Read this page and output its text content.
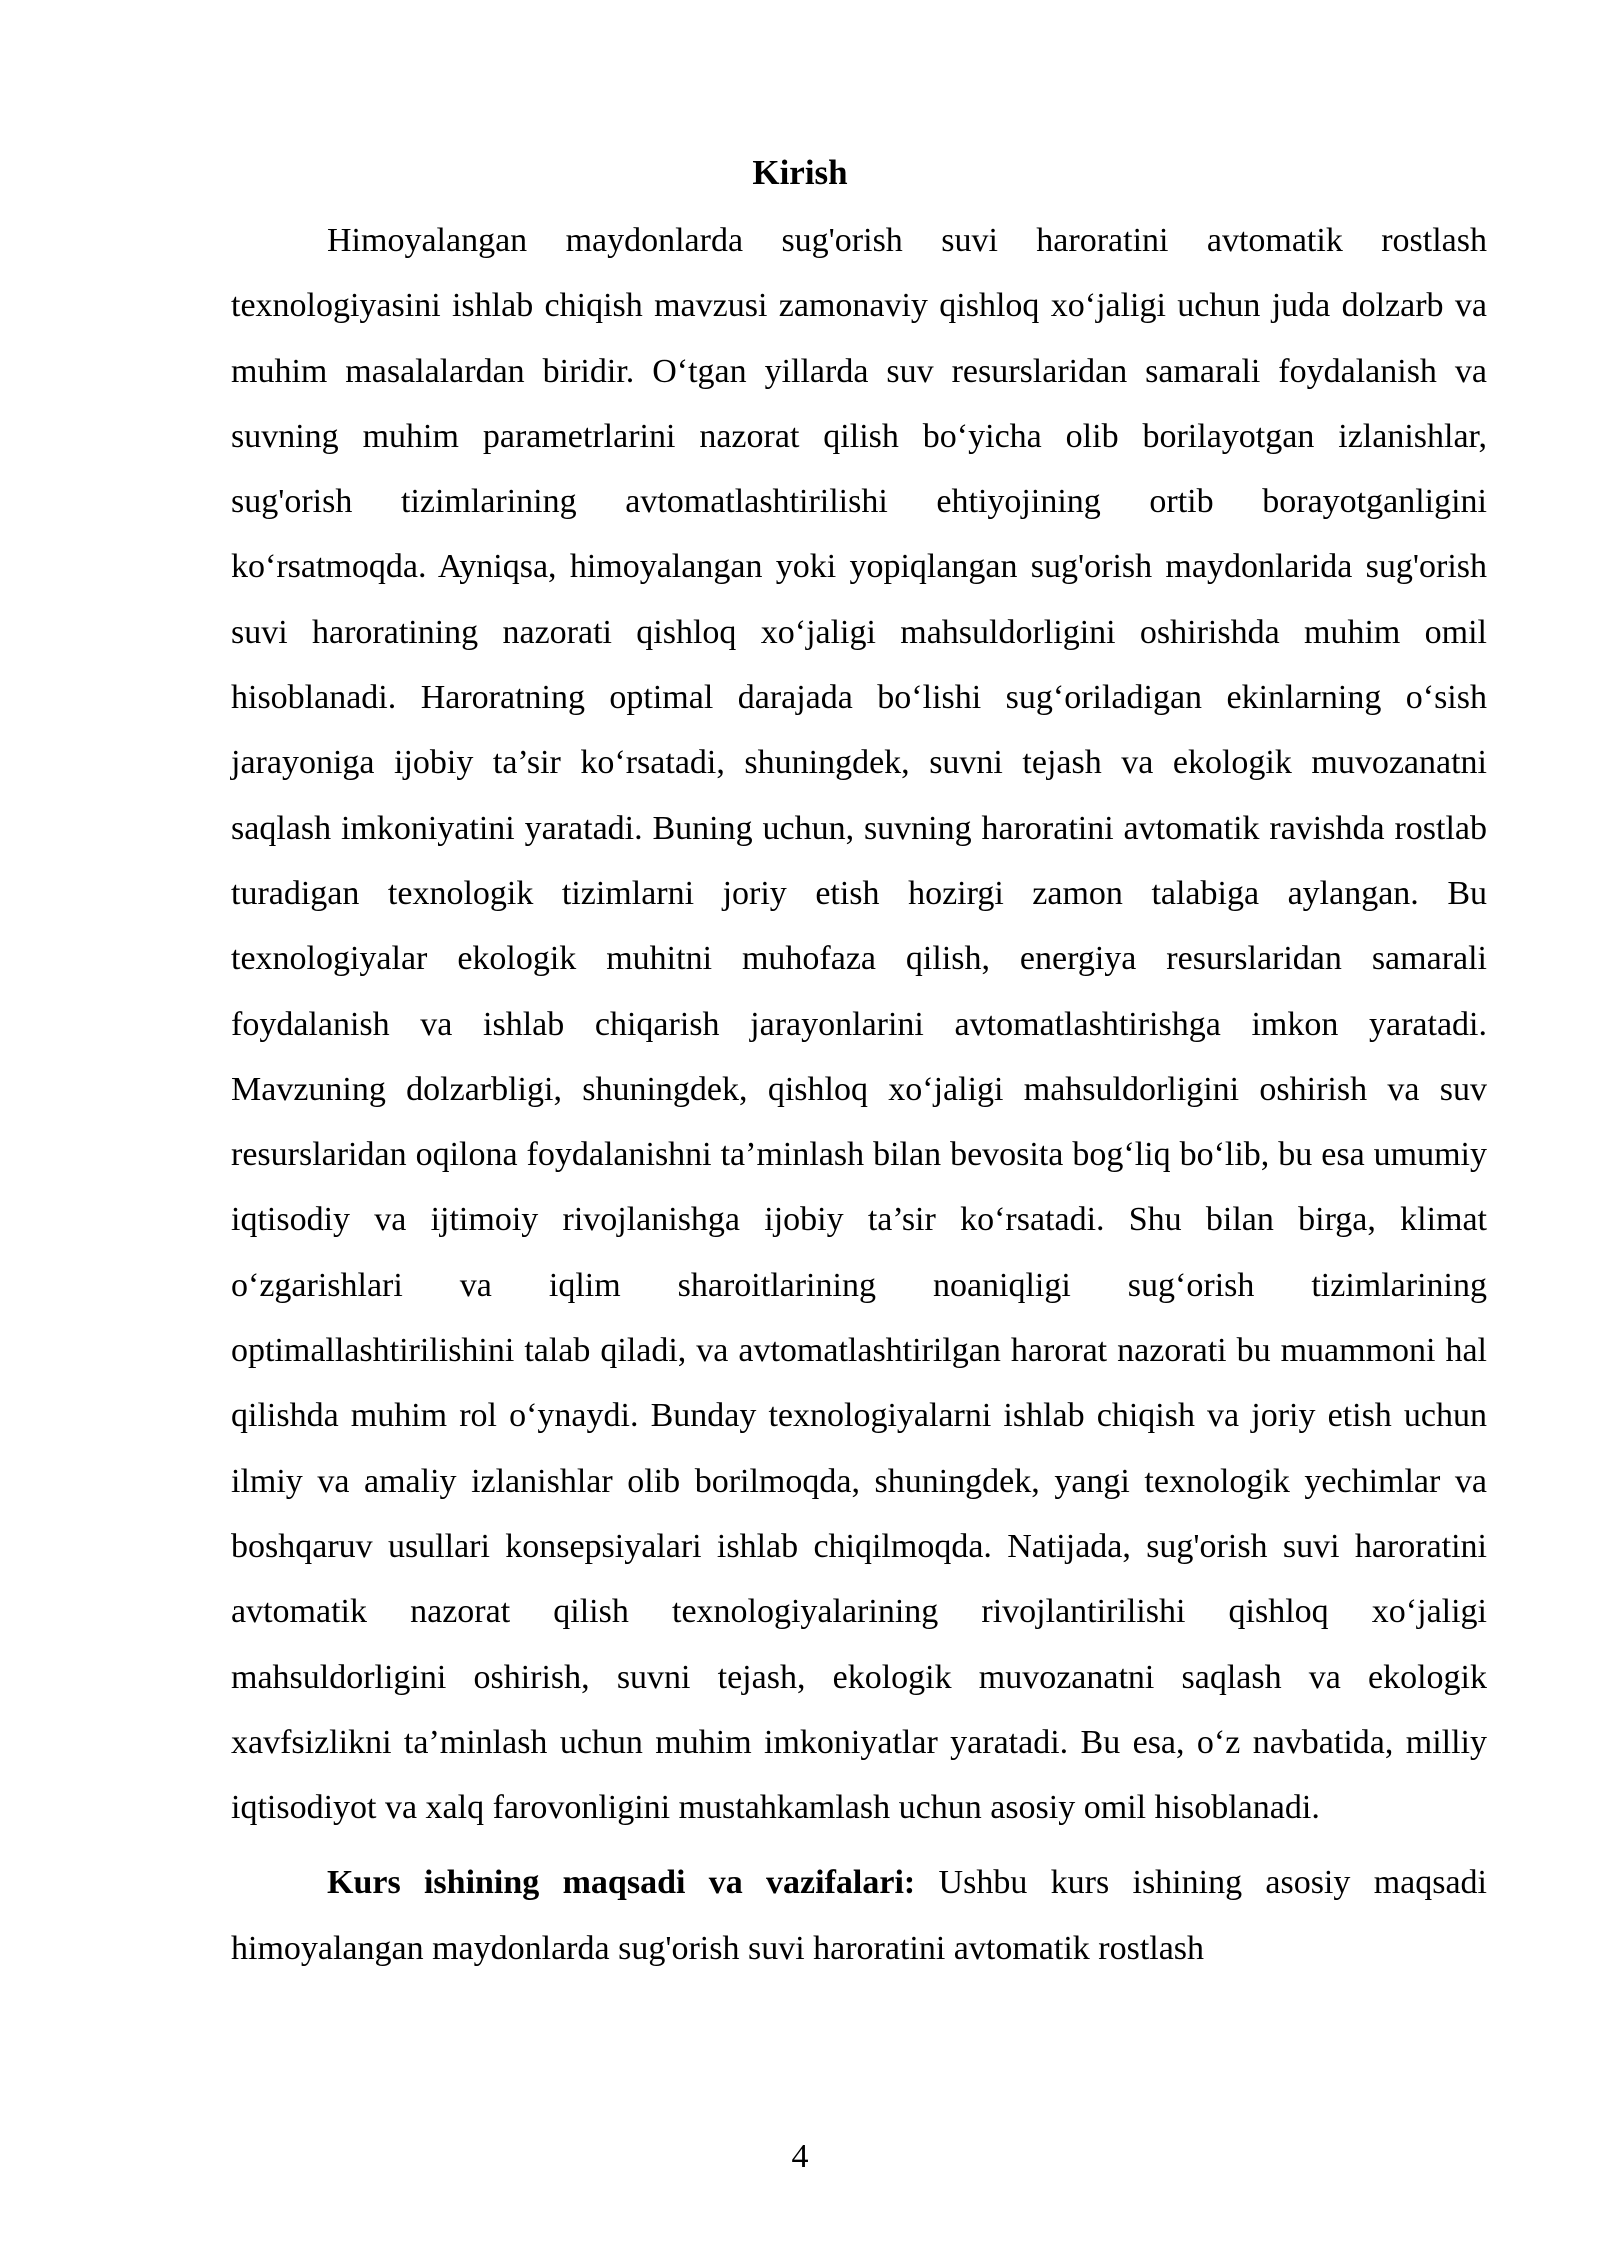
Kirish

Himoyalangan maydonlarda sug'orish suvi haroratini avtomatik rostlash texnologiyasini ishlab chiqish mavzusi zamonaviy qishloq xo‘jaligi uchun juda dolzarb va muhim masalalardan biridir. O‘tgan yillarda suv resurslaridan samarali foydalanish va suvning muhim parametrlarini nazorat qilish bo‘yicha olib borilayotgan izlanishlar, sug'orish tizimlarining avtomatlashtirilishi ehtiyojining ortib borayotganligini ko‘rsatmoqda. Ayniqsa, himoyalangan yoki yopiqlangan sug'orish maydonlarida sug'orish suvi haroratining nazorati qishloq xo‘jaligi mahsuldorligini oshirishda muhim omil hisoblanadi. Haroratning optimal darajada bo‘lishi sug‘oriladigan ekinlarning o‘sish jarayoniga ijobiy ta’sir ko‘rsatadi, shuningdek, suvni tejash va ekologik muvozanatni saqlash imkoniyatini yaratadi. Buning uchun, suvning haroratini avtomatik ravishda rostlab turadigan texnologik tizimlarni joriy etish hozirgi zamon talabiga aylangan. Bu texnologiyalar ekologik muhitni muhofaza qilish, energiya resurslaridan samarali foydalanish va ishlab chiqarish jarayonlarini avtomatlashtirishga imkon yaratadi. Mavzuning dolzarbligi, shuningdek, qishloq xo‘jaligi mahsuldorligini oshirish va suv resurslaridan oqilona foydalanishni ta’minlash bilan bevosita bog‘liq bo‘lib, bu esa umumiy iqtisodiy va ijtimoiy rivojlanishga ijobiy ta’sir ko‘rsatadi. Shu bilan birga, klimat o‘zgarishlari va iqlim sharoitlarining noaniqligi sug‘orish tizimlarining optimallashtirilishini talab qiladi, va avtomatlashtirilgan harorat nazorati bu muammoni hal qilishda muhim rol o‘ynaydi. Bunday texnologiyalarni ishlab chiqish va joriy etish uchun ilmiy va amaliy izlanishlar olib borilmoqda, shuningdek, yangi texnologik yechimlar va boshqaruv usullari konsepsiyalari ishlab chiqilmoqda. Natijada, sug'orish suvi haroratini avtomatik nazorat qilish texnologiyalarining rivojlantirilishi qishloq xo‘jaligi mahsuldorligini oshirish, suvni tejash, ekologik muvozanatni saqlash va ekologik xavfsizlikni ta’minlash uchun muhim imkoniyatlar yaratadi. Bu esa, o‘z navbatida, milliy iqtisodiyot va xalq farovonligini mustahkamlash uchun asosiy omil hisoblanadi.

Kurs ishining maqsadi va vazifalari: Ushbu kurs ishining asosiy maqsadi himoyalangan maydonlarda sug'orish suvi haroratini avtomatik rostlash

4
